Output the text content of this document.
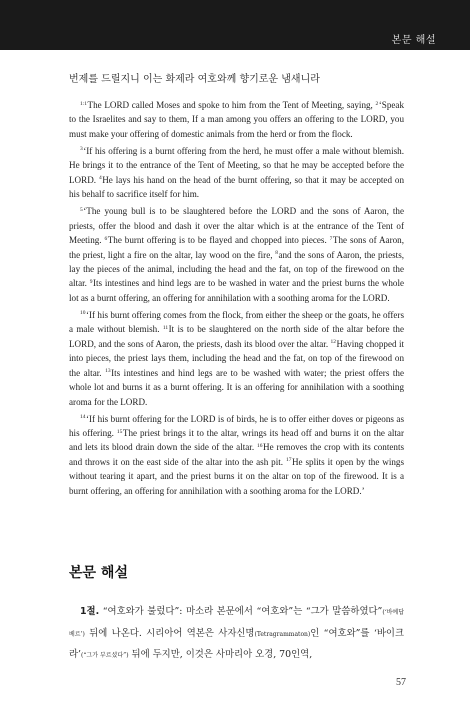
본문 해설
번제를 드릴지니 이는 화제라 여호와께 향기로운 냄새니라

$^{1:1}$The LORD called Moses and spoke to him from the Tent of Meeting, saying, $^2$‘Speak to the Israelites and say to them, If a man among you offers an offering to the LORD, you must make your offering of domestic animals from the herd or from the flock.

$^3$‘If his offering is a burnt offering from the herd, he must offer a male without blemish. He brings it to the entrance of the Tent of Meeting, so that he may be accepted before the LORD. $^4$He lays his hand on the head of the burnt offering, so that it may be accepted on his behalf to sacrifice itself for him.

$^5$‘The young bull is to be slaughtered before the LORD and the sons of Aaron, the priests, offer the blood and dash it over the altar which is at the entrance of the Tent of Meeting. $^6$The burnt offering is to be flayed and chopped into pieces. $^7$The sons of Aaron, the priest, light a fire on the altar, lay wood on the fire, $^8$and the sons of Aaron, the priests, lay the pieces of the animal, including the head and the fat, on top of the firewood on the altar. $^9$Its intestines and hind legs are to be washed in water and the priest burns the whole lot as a burnt offering, an offering for annihilation with a soothing aroma for the LORD.

$^{10}$‘If his burnt offering comes from the flock, from either the sheep or the goats, he offers a male without blemish. $^{11}$It is to be slaughtered on the north side of the altar before the LORD, and the sons of Aaron, the priests, dash its blood over the altar. $^{12}$Having chopped it into pieces, the priest lays them, including the head and the fat, on top of the firewood on the altar. $^{13}$Its intestines and hind legs are to be washed with water; the priest offers the whole lot and burns it as a burnt offering. It is an offering for annihilation with a soothing aroma for the LORD.

$^{14}$‘If his burnt offering for the LORD is of birds, he is to offer either doves or pigeons as his offering. $^{15}$The priest brings it to the altar, wrings its head off and burns it on the altar and lets its blood drain down the side of the altar. $^{16}$He removes the crop with its contents and throws it on the east side of the altar into the ash pit. $^{17}$He splits it open by the wings without tearing it apart, and the priest burns it on the altar on top of the firewood. It is a burnt offering, an offering for annihilation with a soothing aroma for the LORD.’

본문 해설

1절. “여호와가 불렀다”: 마소라 본문에서 “여호와”는 “그가 말씀하였다”(‘바예답베르’) 뒤에 나온다. 시리아어 역본은 사자신명(Tetragrammaton)인 “여호와”를 ‘바이크라’(“그가 부르셨다”) 뒤에 두지만, 이것은 사마리아 오경, 70인역,

57
